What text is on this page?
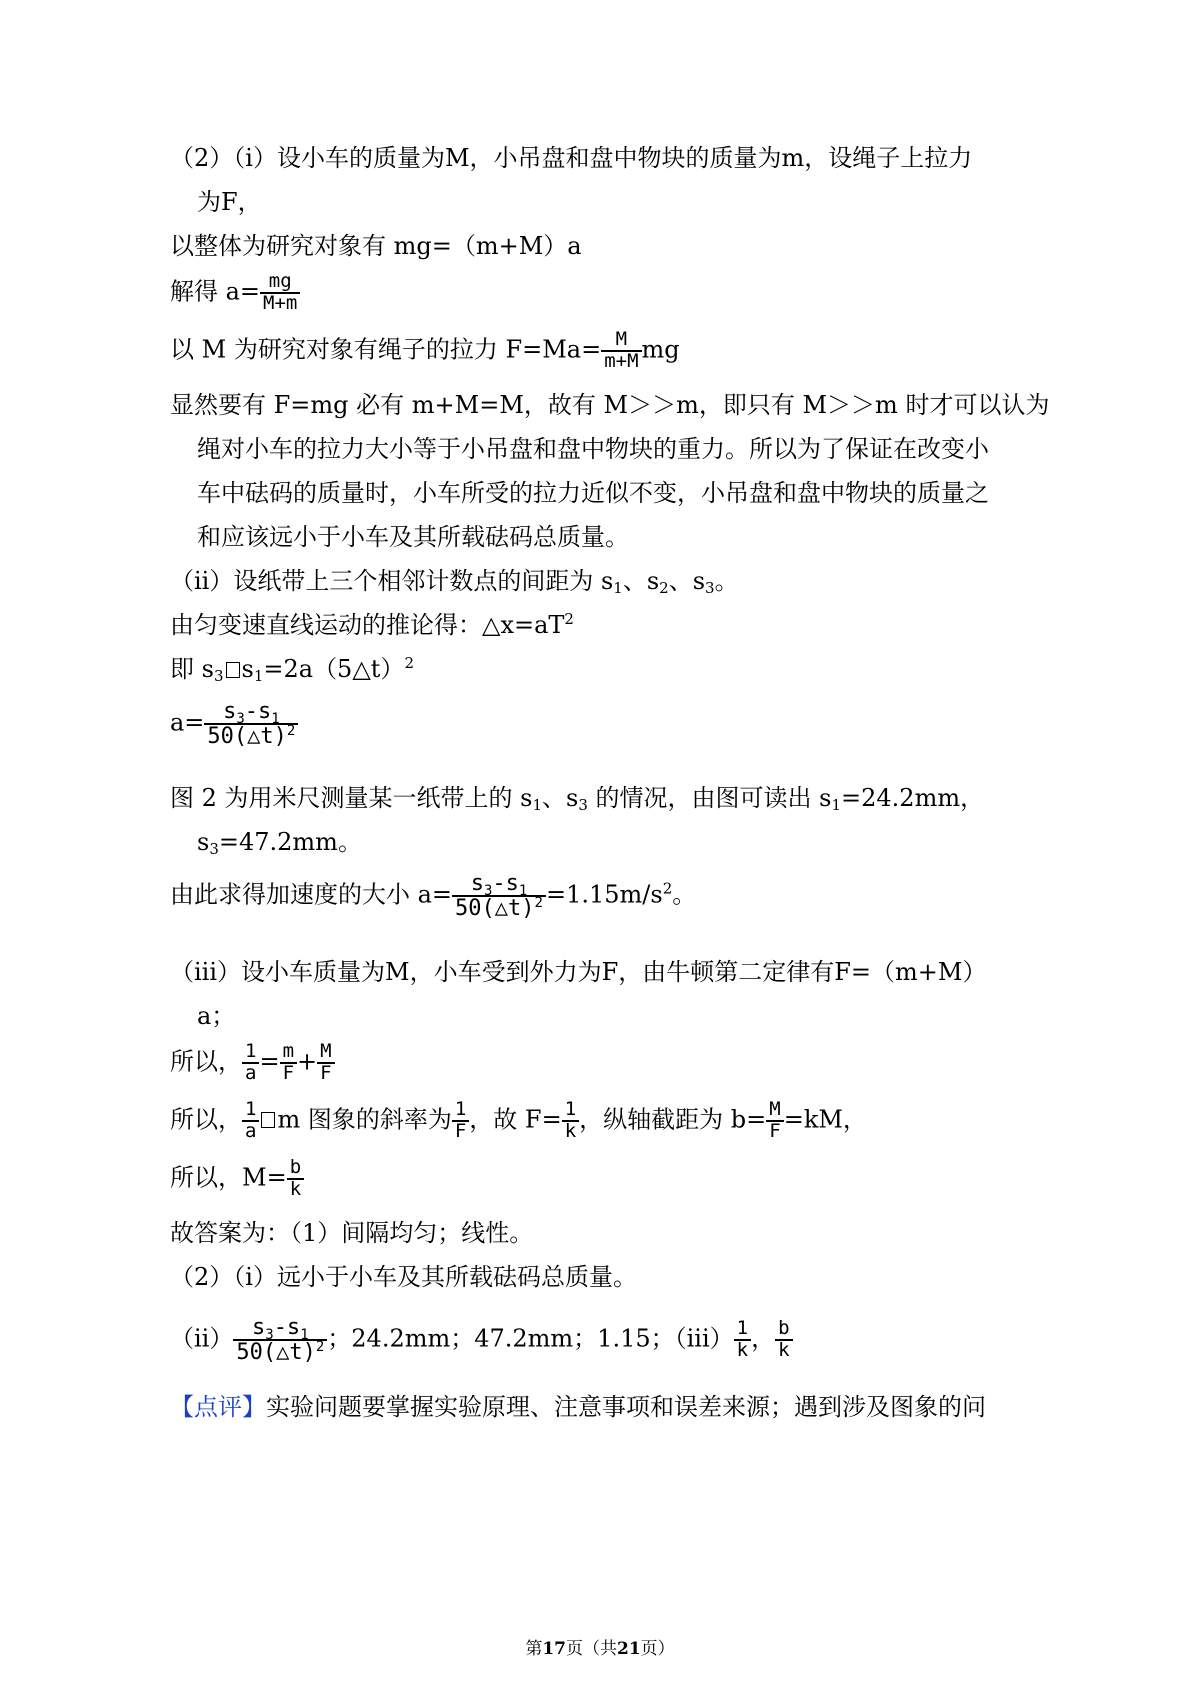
（2）（i）设小车的质量为M，小吊盘和盘中物块的质量为m，设绳子上拉力
为F，
以整体为研究对象有 mg=（m+M）a
解得 $a= \frac{mg}{M+m}$
以 M 为研究对象有绳子的拉力 $F=Ma= \frac{M}{m+M}$ mg
显然要有 F=mg 必有 m+M=M，故有 M＞＞m，即只有 M＞＞m 时才可以认为
绳对小车的拉力大小等于小吊盘和盘中物块的重力。所以为了保证在改变小
车中砝码的质量时，小车所受的拉力近似不变，小吊盘和盘中物块的质量之
和应该远小于小车及其所载砝码总质量。
（ii）设纸带上三个相邻计数点的间距为 $s_1$、$s_2$、$s_3$。
由匀变速直线运动的推论得：$\triangle x=aT^2$
即 $s_3$ $s_1=2a(5\triangle t)^2$
$a= \frac{s_3-s_1}{50(\triangle t)^2}$
图 2 为用米尺测量某一纸带上的 $s_1$、$s_3$ 的情况，由图可读出 $s_1=24.2mm$，
$s_3=47.2mm$。
由此求得加速度的大小 $a= \frac{s_3-s_1}{50(\triangle t)^2} =1.15m/s^2$。
（iii）设小车质量为M，小车受到外力为F，由牛顿第二定律有F=（m+M）
a；
所以， $\frac{1}{a} = \frac{m}{F} + \frac{M}{F}$
所以， $\frac{1}{a}$ m 图象的斜率为 $\frac{1}{F}$ ，故 $F= \frac{1}{k}$ ，纵轴截距为 $b= \frac{M}{F} =kM$，
所以，$M= \frac{b}{k}$
故答案为：（1）间隔均匀；线性。
（2）（i）远小于小车及其所载砝码总质量。
$(ii) \frac{s_3-s_1}{50(\triangle t)^2}$ ；24.2mm；47.2mm；1.15；$(iii) \frac{1}{k}$ ， $\frac{b}{k}$
【点评】实验问题要掌握实验原理、注意事项和误差来源；遇到涉及图象的问
第17页（共21页）
